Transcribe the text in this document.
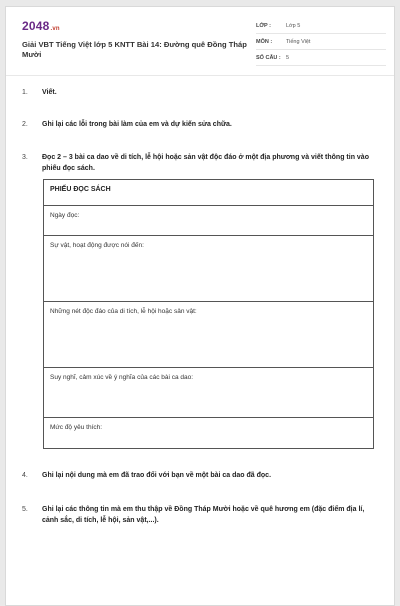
2048.vn
Giải VBT Tiếng Việt lớp 5 KNTT Bài 14: Đường quê Đồng Tháp Mười
LỚP :	Lớp 5
MÔN :	Tiếng Việt
SỐ CÂU : 5
1.	Viết.
2.	Ghi lại các lỗi trong bài làm của em và dự kiến sửa chữa.
3.	Đọc 2 – 3 bài ca dao về di tích, lễ hội hoặc sản vật độc đáo ở một địa phương và viết thông tin vào phiếu đọc sách.
PHIẾU ĐỌC SÁCH
Ngày đọc:
Sự vật, hoạt động được nói đến:
Những nét độc đáo của di tích, lễ hội hoặc sản vật:
Suy nghĩ, cảm xúc về ý nghĩa của các bài ca dao:
Mức độ yêu thích:
4.	Ghi lại nội dung mà em đã trao đổi với bạn về một bài ca dao đã đọc.
5.	Ghi lại các thông tin mà em thu thập về Đồng Tháp Mười hoặc về quê hương em (đặc điểm địa lí, cảnh sắc, di tích, lễ hội, sản vật,...).
